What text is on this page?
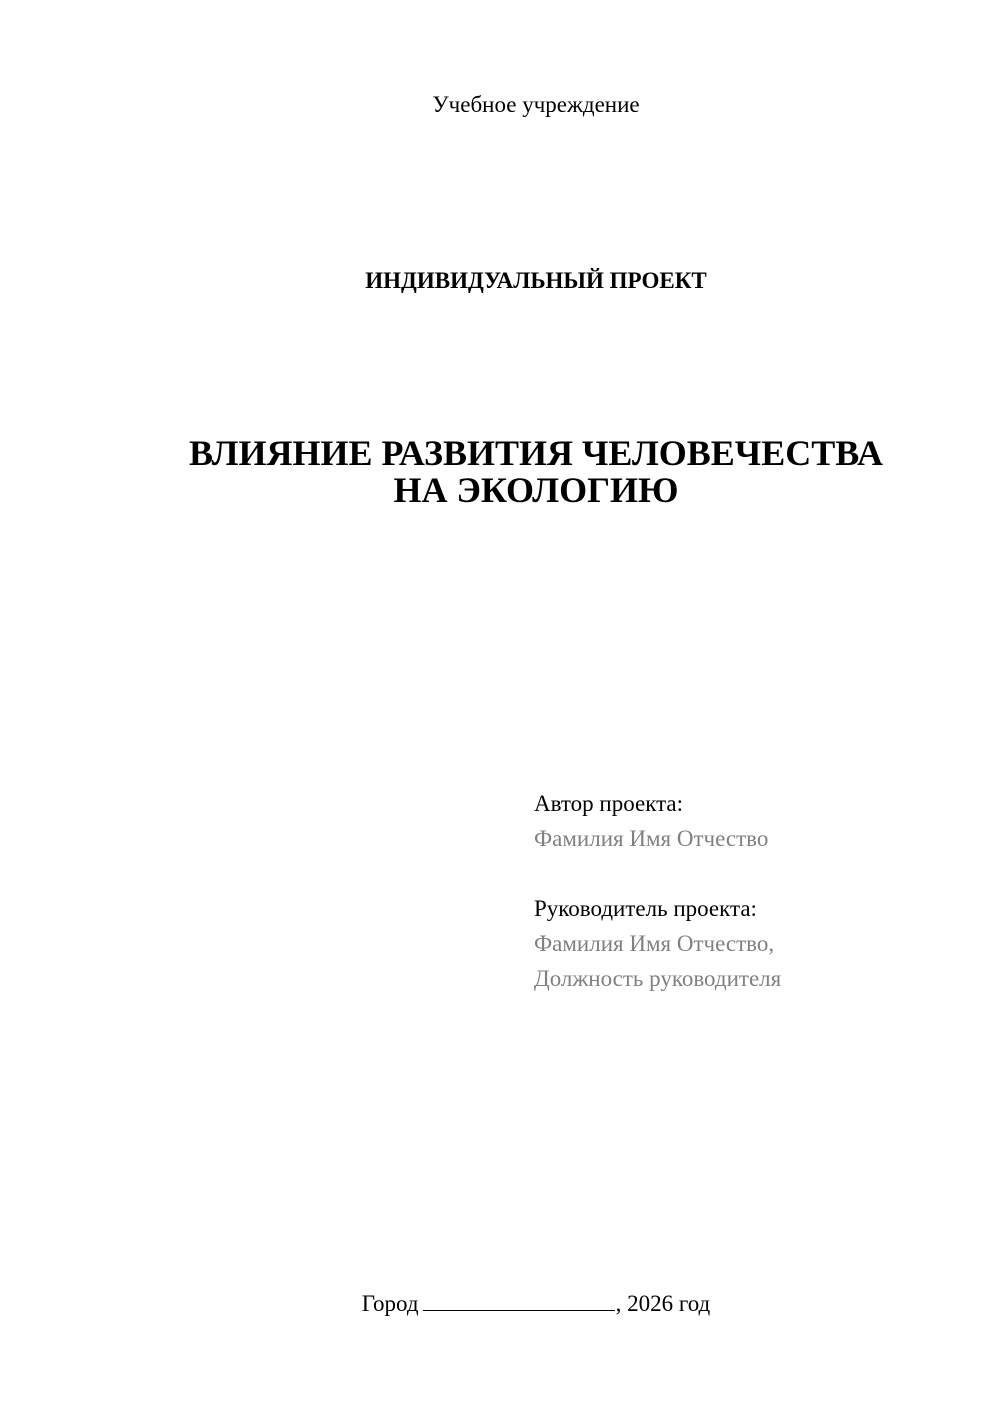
Учебное учреждение
ИНДИВИДУАЛЬНЫЙ ПРОЕКТ
ВЛИЯНИЕ РАЗВИТИЯ ЧЕЛОВЕЧЕСТВА
НА ЭКОЛОГИЮ
Автор проекта:
Фамилия Имя Отчество
Руководитель проекта:
Фамилия Имя Отчество,
Должность руководителя
Город	, 2026 год
